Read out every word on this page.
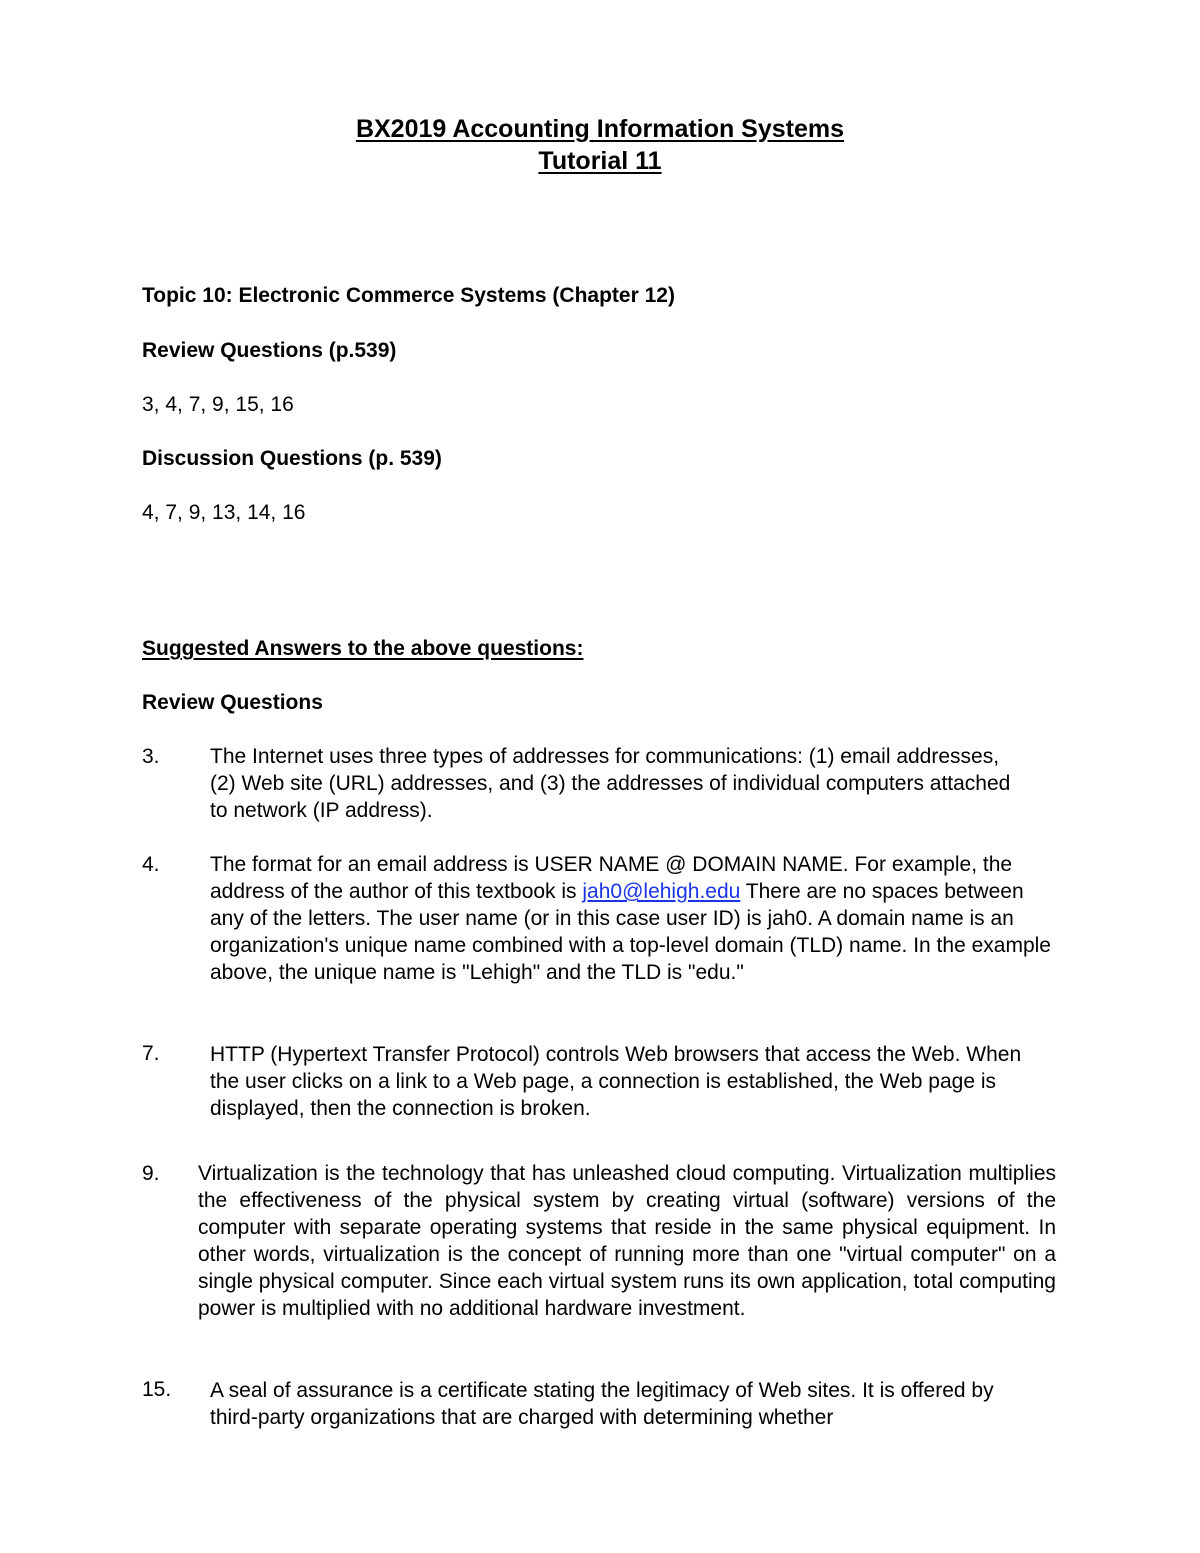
BX2019 Accounting Information Systems
Tutorial 11
Topic 10: Electronic Commerce Systems (Chapter 12)
Review Questions (p.539)
3, 4, 7, 9, 15, 16
Discussion Questions (p. 539)
4, 7, 9, 13, 14, 16
Suggested Answers to the above questions:
Review Questions
3. The Internet uses three types of addresses for communications: (1) email addresses, (2) Web site (URL) addresses, and (3) the addresses of individual computers attached to network (IP address).

4. The format for an email address is USER NAME @ DOMAIN NAME. For example, the address of the author of this textbook is jah0@lehigh.edu There are no spaces between any of the letters. The user name (or in this case user ID) is jah0. A domain name is an organization's unique name combined with a top-level domain (TLD) name. In the example above, the unique name is "Lehigh" and the TLD is "edu."

7. HTTP (Hypertext Transfer Protocol) controls Web browsers that access the Web. When the user clicks on a link to a Web page, a connection is established, the Web page is displayed, then the connection is broken.

9. Virtualization is the technology that has unleashed cloud computing. Virtualization multiplies the effectiveness of the physical system by creating virtual (software) versions of the computer with separate operating systems that reside in the same physical equipment. In other words, virtualization is the concept of running more than one "virtual computer" on a single physical computer. Since each virtual system runs its own application, total computing power is multiplied with no additional hardware investment.

15. A seal of assurance is a certificate stating the legitimacy of Web sites. It is offered by third-party organizations that are charged with determining whether
